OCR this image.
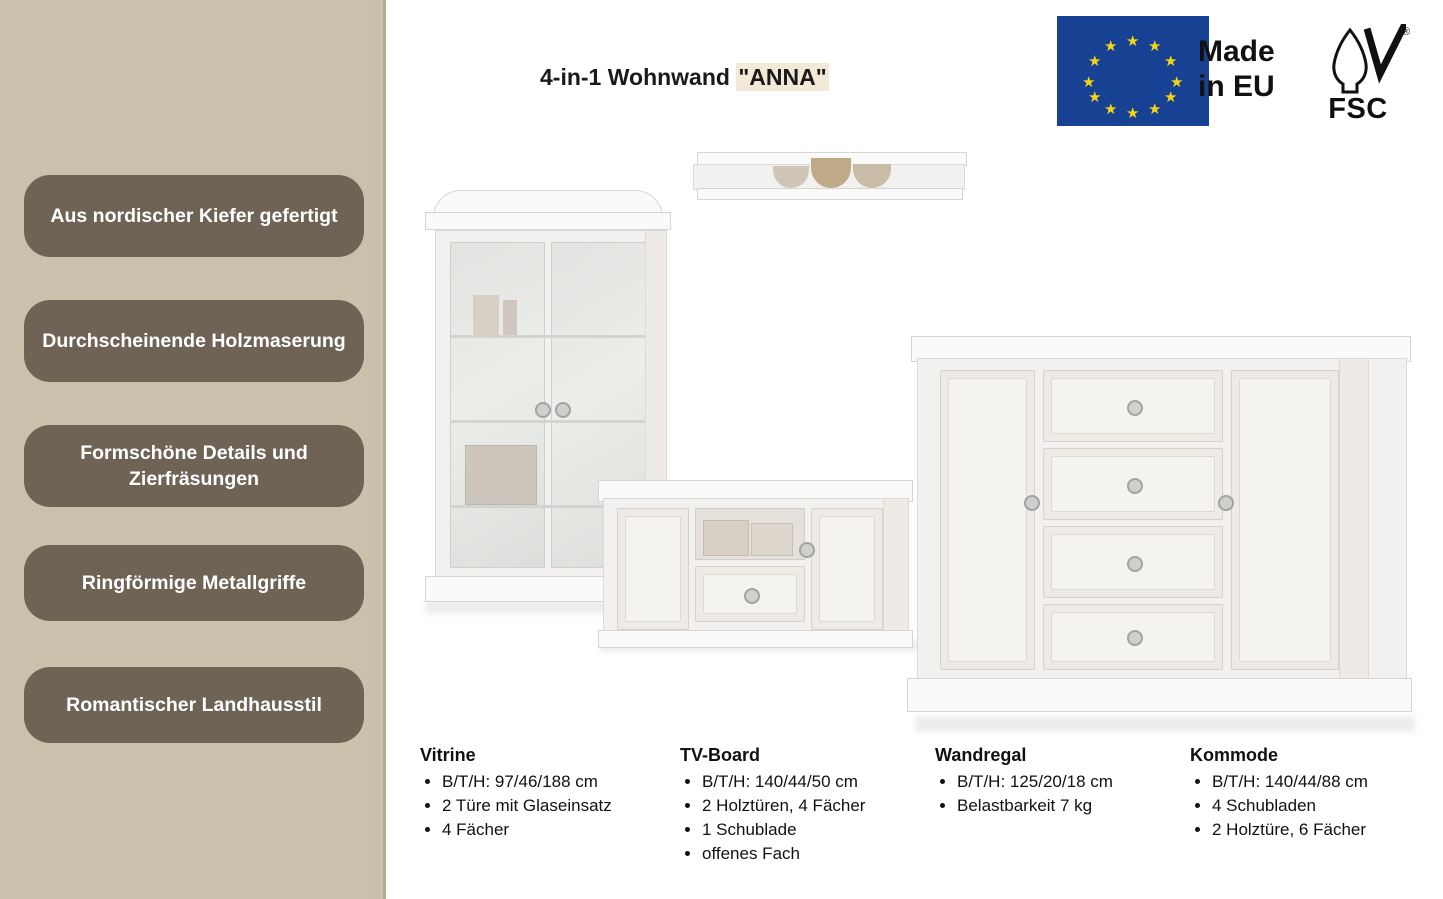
Aus nordischer Kiefer gefertigt
Durchscheinende Holzmaserung
Formschöne Details und Zierfräsungen
Ringförmige Metallgriffe
Romantischer Landhausstil
4-in-1 Wohnwand "ANNA"
★ ★
★
★
★
★
★
★
★
★
★
★	Made
in EU
FSC
®
Vitrine
• B/T/H: 97/46/188 cm
• 2 Türe mit Glaseinsatz
• 4 Fächer
TV-Board
• B/T/H: 140/44/50 cm
• 2 Holztüren, 4 Fächer
• 1 Schublade
• offenes Fach
Wandregal
• B/T/H: 125/20/18 cm
• Belastbarkeit 7 kg
Kommode
• B/T/H: 140/44/88 cm
• 4 Schubladen
• 2 Holztüre, 6 Fächer
